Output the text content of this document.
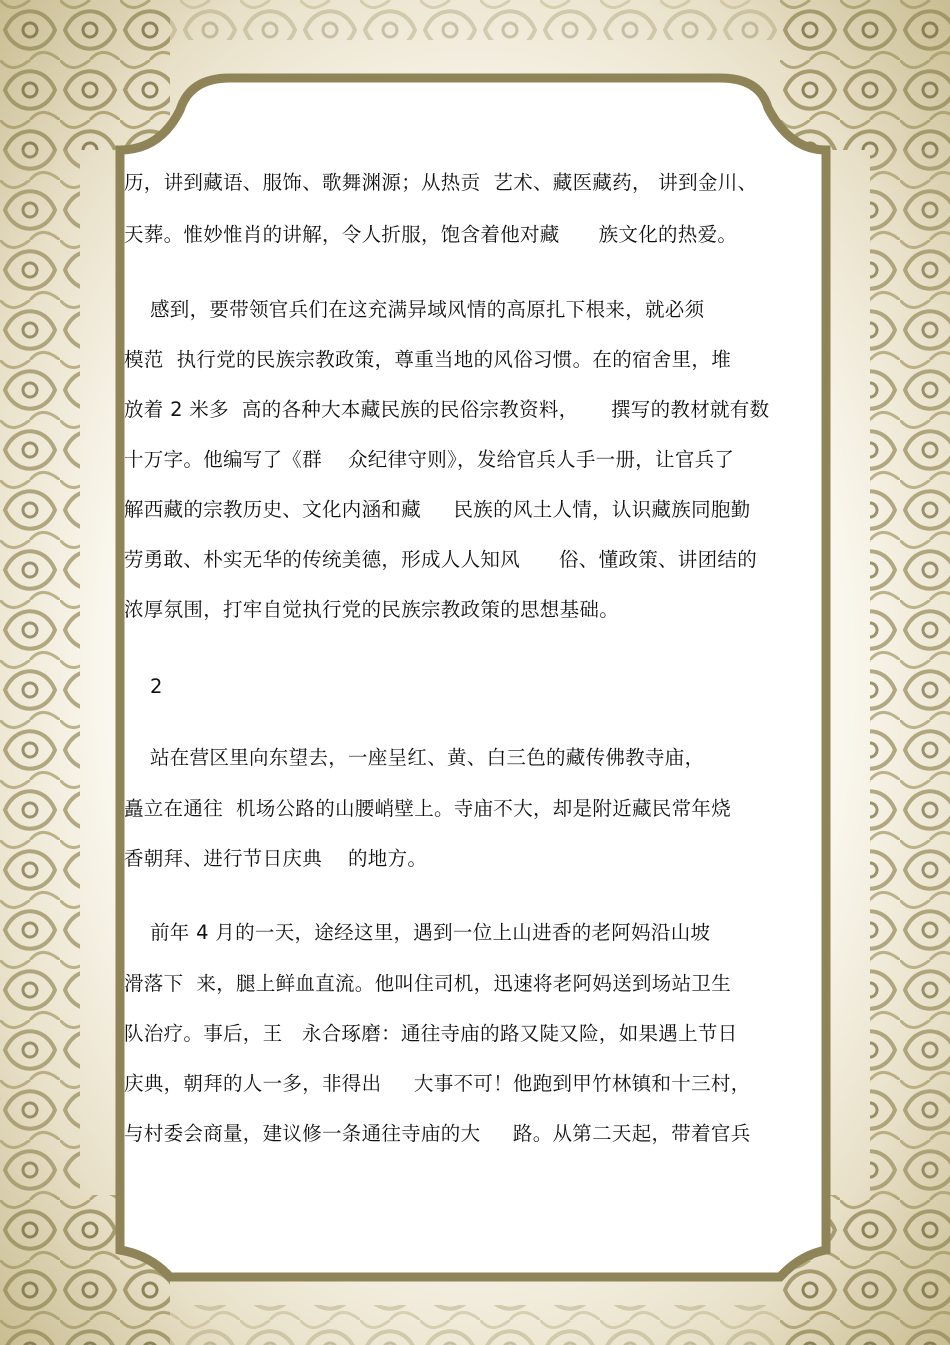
历，讲到藏语、服饰、歌舞渊源；从热贡  艺术、藏医藏药， 讲到金川、
天葬。惟妙惟肖的讲解，令人折服，饱含着他对藏      族文化的热爱。
感到，要带领官兵们在这充满异域风情的高原扎下根来，就必须
模范  执行党的民族宗教政策，尊重当地的风俗习惯。在的宿舍里，堆
放着 2 米多  高的各种大本藏民族的民俗宗教资料，     撰写的教材就有数
十万字。他编写了《群    众纪律守则》，发给官兵人手一册，让官兵了
解西藏的宗教历史、文化内涵和藏     民族的风土人情，认识藏族同胞勤
劳勇敢、朴实无华的传统美德，形成人人知风      俗、懂政策、讲团结的
浓厚氛围，打牢自觉执行党的民族宗教政策的思想基础。
2
站在营区里向东望去，一座呈红、黄、白三色的藏传佛教寺庙，
矗立在通往  机场公路的山腰峭壁上。寺庙不大，却是附近藏民常年烧
香朝拜、进行节日庆典    的地方。
前年 4 月的一天，途经这里，遇到一位上山进香的老阿妈沿山坡
滑落下  来，腿上鲜血直流。他叫住司机，迅速将老阿妈送到场站卫生
队治疗。事后，王   永合琢磨：通往寺庙的路又陡又险，如果遇上节日
庆典，朝拜的人一多，非得出     大事不可！他跑到甲竹林镇和十三村，
与村委会商量，建议修一条通往寺庙的大     路。从第二天起，带着官兵
